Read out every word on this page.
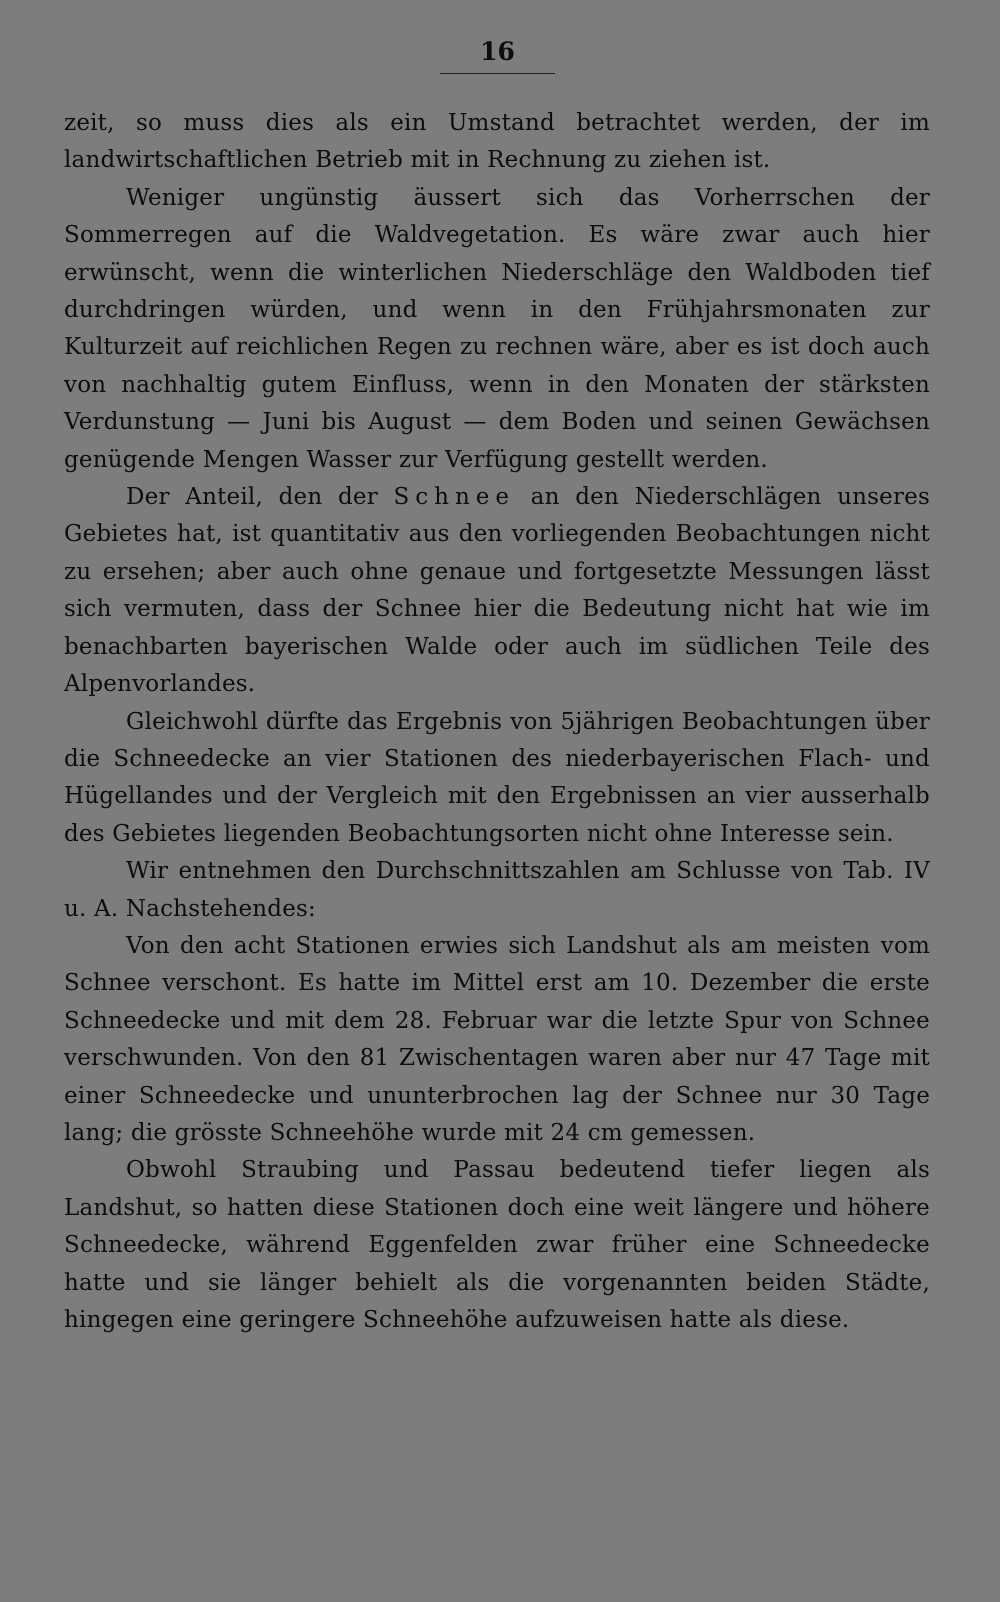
16

zeit, so muss dies als ein Umstand betrachtet werden, der im landwirtschaftlichen Betrieb mit in Rechnung zu ziehen ist.

Weniger ungünstig äussert sich das Vorherrschen der Sommerregen auf die Waldvegetation. Es wäre zwar auch hier erwünscht, wenn die winterlichen Niederschläge den Waldboden tief durchdringen würden, und wenn in den Frühjahrsmonaten zur Kulturzeit auf reichlichen Regen zu rechnen wäre, aber es ist doch auch von nachhaltig gutem Einfluss, wenn in den Monaten der stärksten Verdunstung — Juni bis August — dem Boden und seinen Gewächsen genügende Mengen Wasser zur Verfügung gestellt werden.

Der Anteil, den der Schnee an den Niederschlägen unseres Gebietes hat, ist quantitativ aus den vorliegenden Beobachtungen nicht zu ersehen; aber auch ohne genaue und fortgesetzte Messungen lässt sich vermuten, dass der Schnee hier die Bedeutung nicht hat wie im benachbarten bayerischen Walde oder auch im südlichen Teile des Alpenvorlandes.

Gleichwohl dürfte das Ergebnis von 5jährigen Beobachtungen über die Schneedecke an vier Stationen des niederbayerischen Flach- und Hügellandes und der Vergleich mit den Ergebnissen an vier ausserhalb des Gebietes liegenden Beobachtungsorten nicht ohne Interesse sein.

Wir entnehmen den Durchschnittszahlen am Schlusse von Tab. IV u. A. Nachstehendes:

Von den acht Stationen erwies sich Landshut als am meisten vom Schnee verschont. Es hatte im Mittel erst am 10. Dezember die erste Schneedecke und mit dem 28. Februar war die letzte Spur von Schnee verschwunden. Von den 81 Zwischentagen waren aber nur 47 Tage mit einer Schneedecke und ununterbrochen lag der Schnee nur 30 Tage lang; die grösste Schneehöhe wurde mit 24 cm gemessen.

Obwohl Straubing und Passau bedeutend tiefer liegen als Landshut, so hatten diese Stationen doch eine weit längere und höhere Schneedecke, während Eggenfelden zwar früher eine Schneedecke hatte und sie länger behielt als die vorgenannten beiden Städte, hingegen eine geringere Schneehöhe aufzuweisen hatte als diese.
